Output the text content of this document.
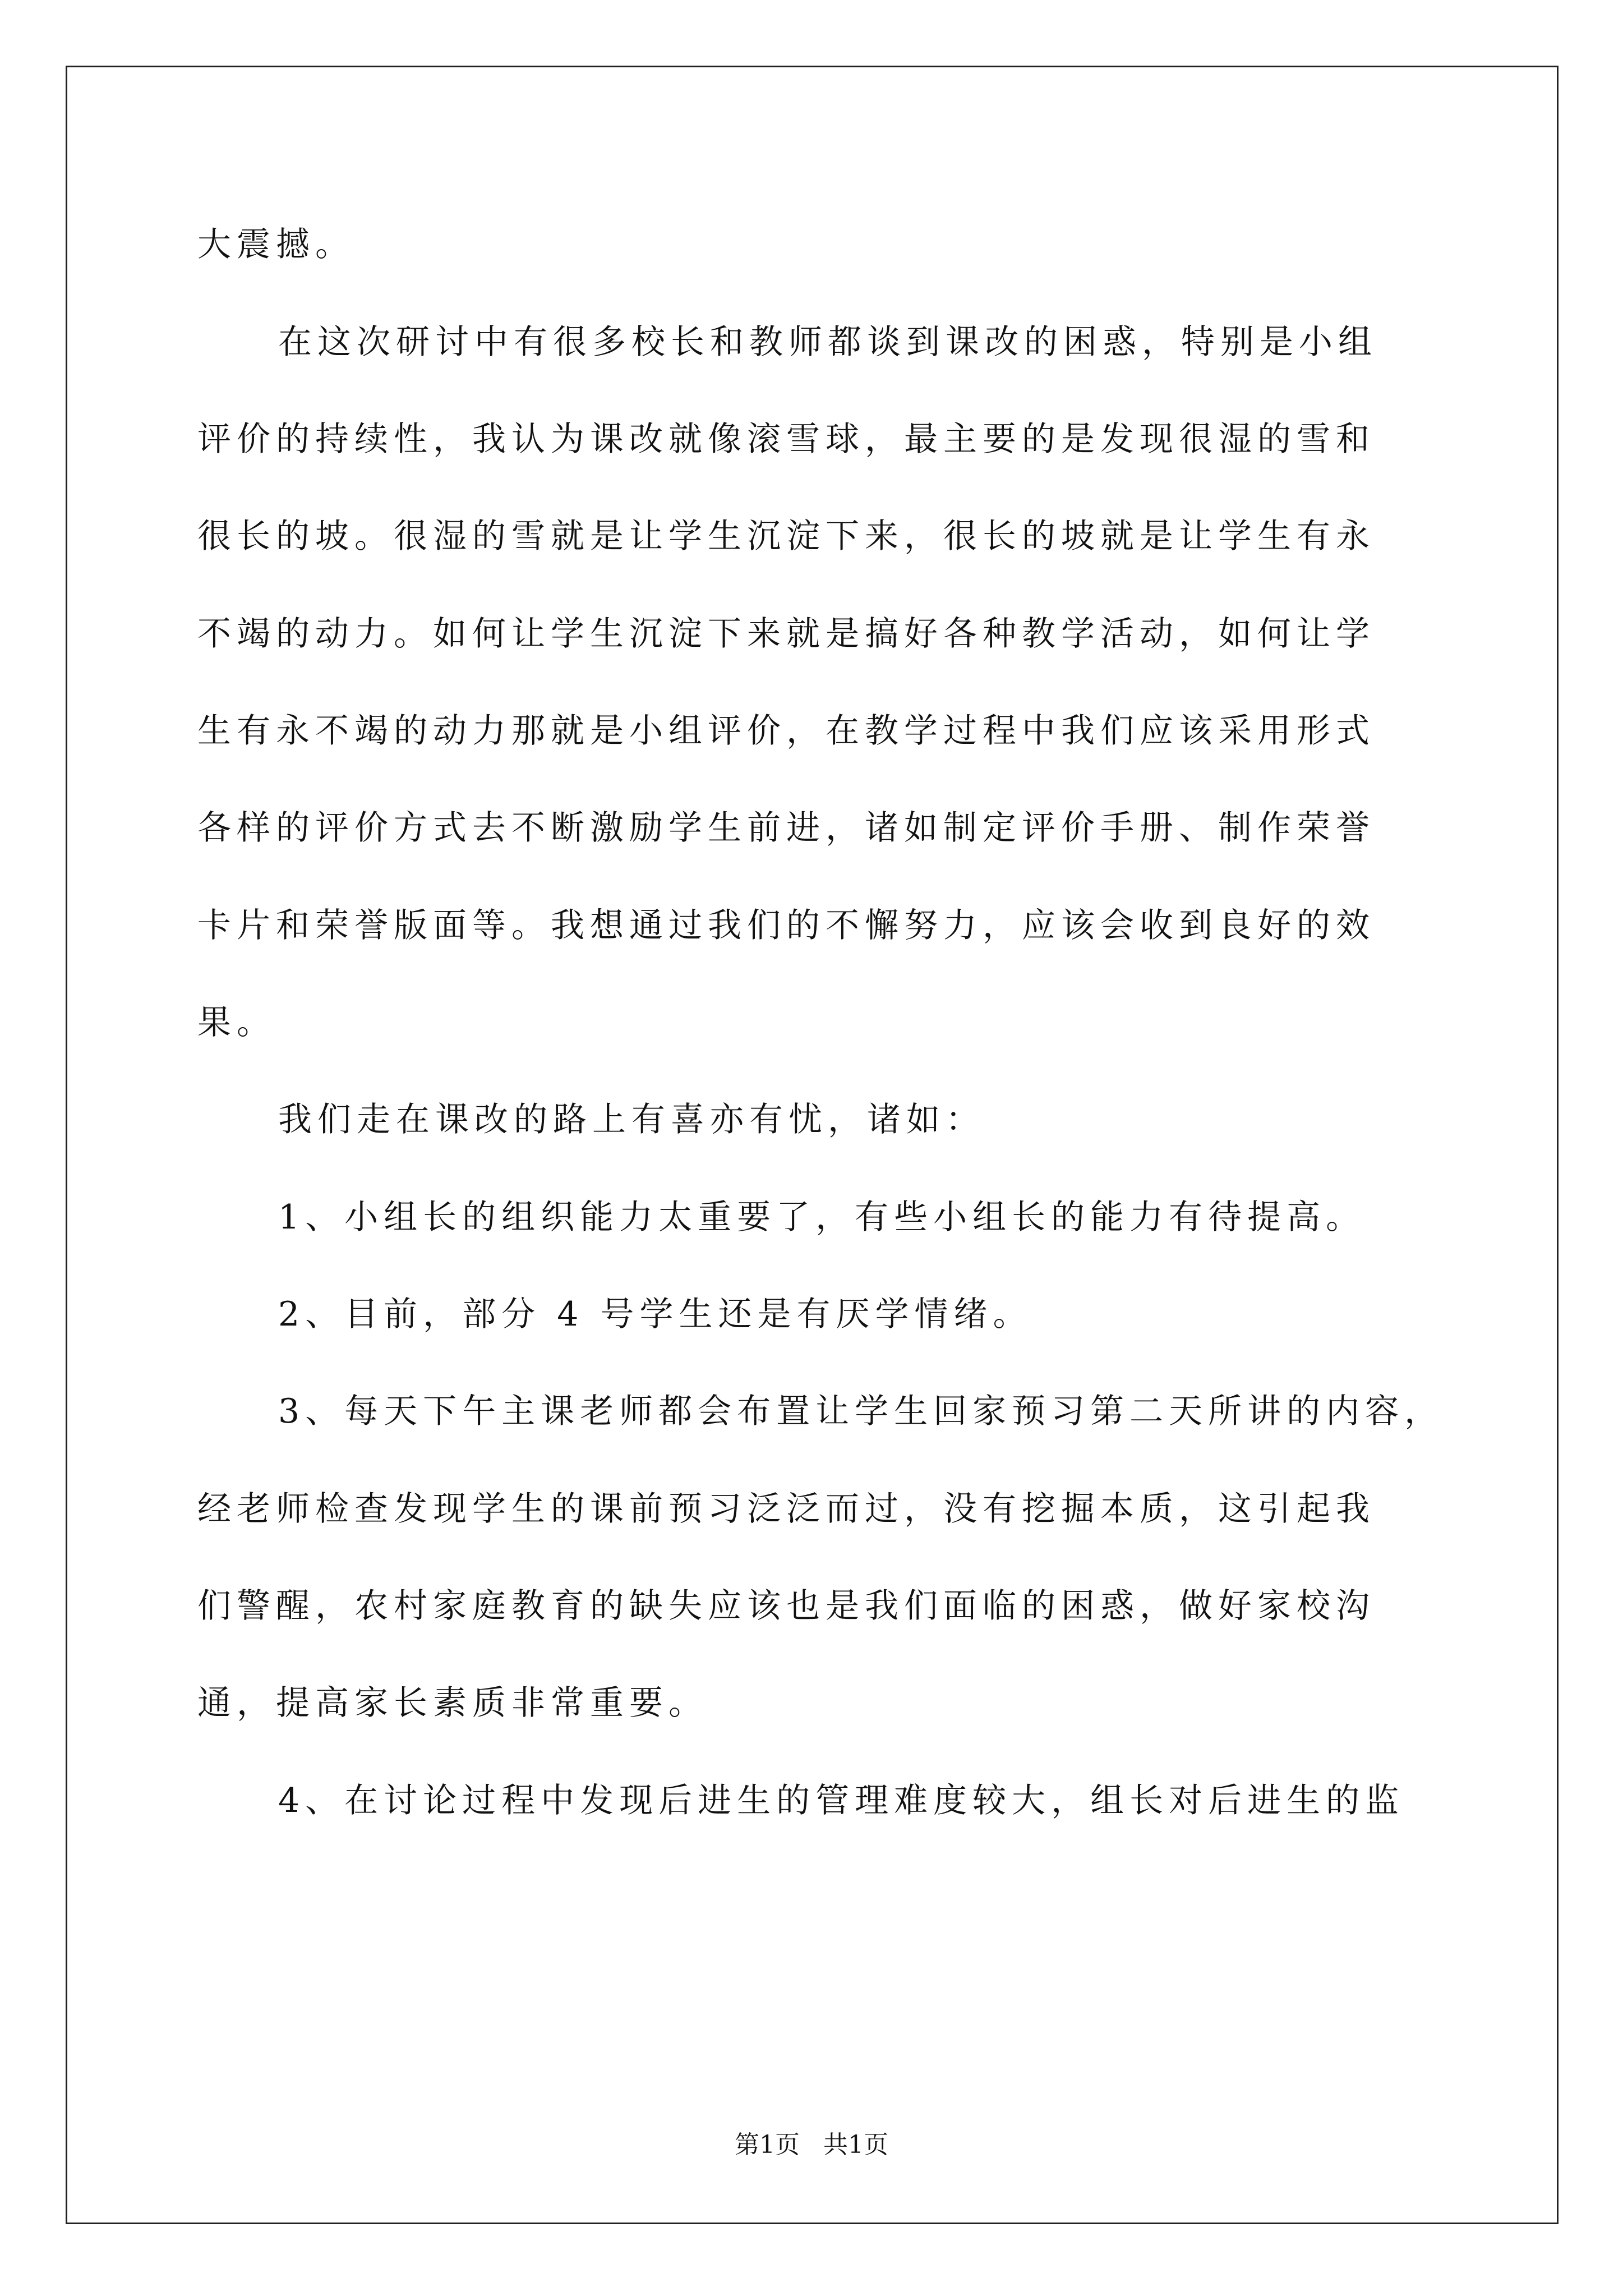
大震撼。
在这次研讨中有很多校长和教师都谈到课改的困惑，特别是小组
评价的持续性，我认为课改就像滚雪球，最主要的是发现很湿的雪和
很长的坡。很湿的雪就是让学生沉淀下来，很长的坡就是让学生有永
不竭的动力。如何让学生沉淀下来就是搞好各种教学活动，如何让学
生有永不竭的动力那就是小组评价，在教学过程中我们应该采用形式
各样的评价方式去不断激励学生前进，诸如制定评价手册、制作荣誉
卡片和荣誉版面等。我想通过我们的不懈努力，应该会收到良好的效
果。
我们走在课改的路上有喜亦有忧，诸如：
1、小组长的组织能力太重要了，有些小组长的能力有待提高。
2、目前，部分 4 号学生还是有厌学情绪。
3、每天下午主课老师都会布置让学生回家预习第二天所讲的内容，
经老师检查发现学生的课前预习泛泛而过，没有挖掘本质，这引起我
们警醒，农村家庭教育的缺失应该也是我们面临的困惑，做好家校沟
通，提高家长素质非常重要。
4、在讨论过程中发现后进生的管理难度较大，组长对后进生的监
第1页   共1页
